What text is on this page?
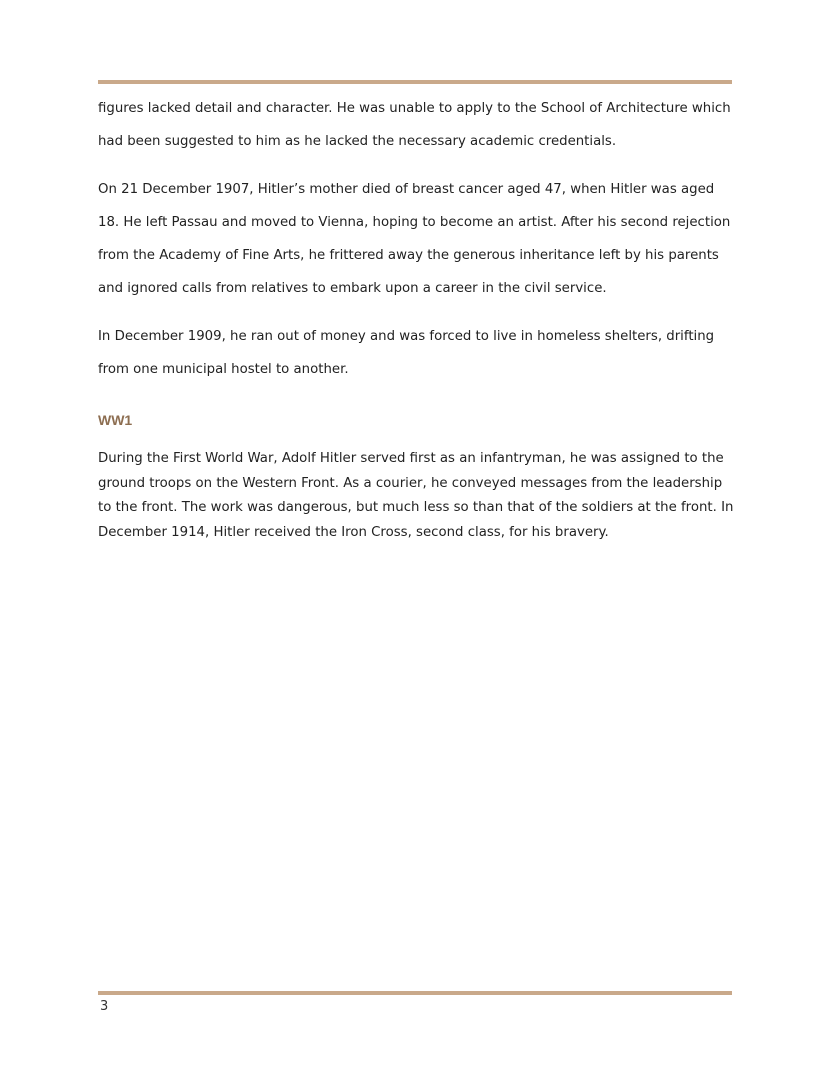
figures lacked detail and character. He was unable to apply to the School of Architecture which had been suggested to him as he lacked the necessary academic credentials.

On 21 December 1907, Hitler’s mother died of breast cancer aged 47, when Hitler was aged 18. He left Passau and moved to Vienna, hoping to become an artist. After his second rejection from the Academy of Fine Arts, he frittered away the generous inheritance left by his parents and ignored calls from relatives to embark upon a career in the civil service.

In December 1909, he ran out of money and was forced to live in homeless shelters, drifting from one municipal hostel to another.

WW1

During the First World War, Adolf Hitler served first as an infantryman, he was assigned to the ground troops on the Western Front. As a courier, he conveyed messages from the leadership to the front. The work was dangerous, but much less so than that of the soldiers at the front. In December 1914, Hitler received the Iron Cross, second class, for his bravery.

3
